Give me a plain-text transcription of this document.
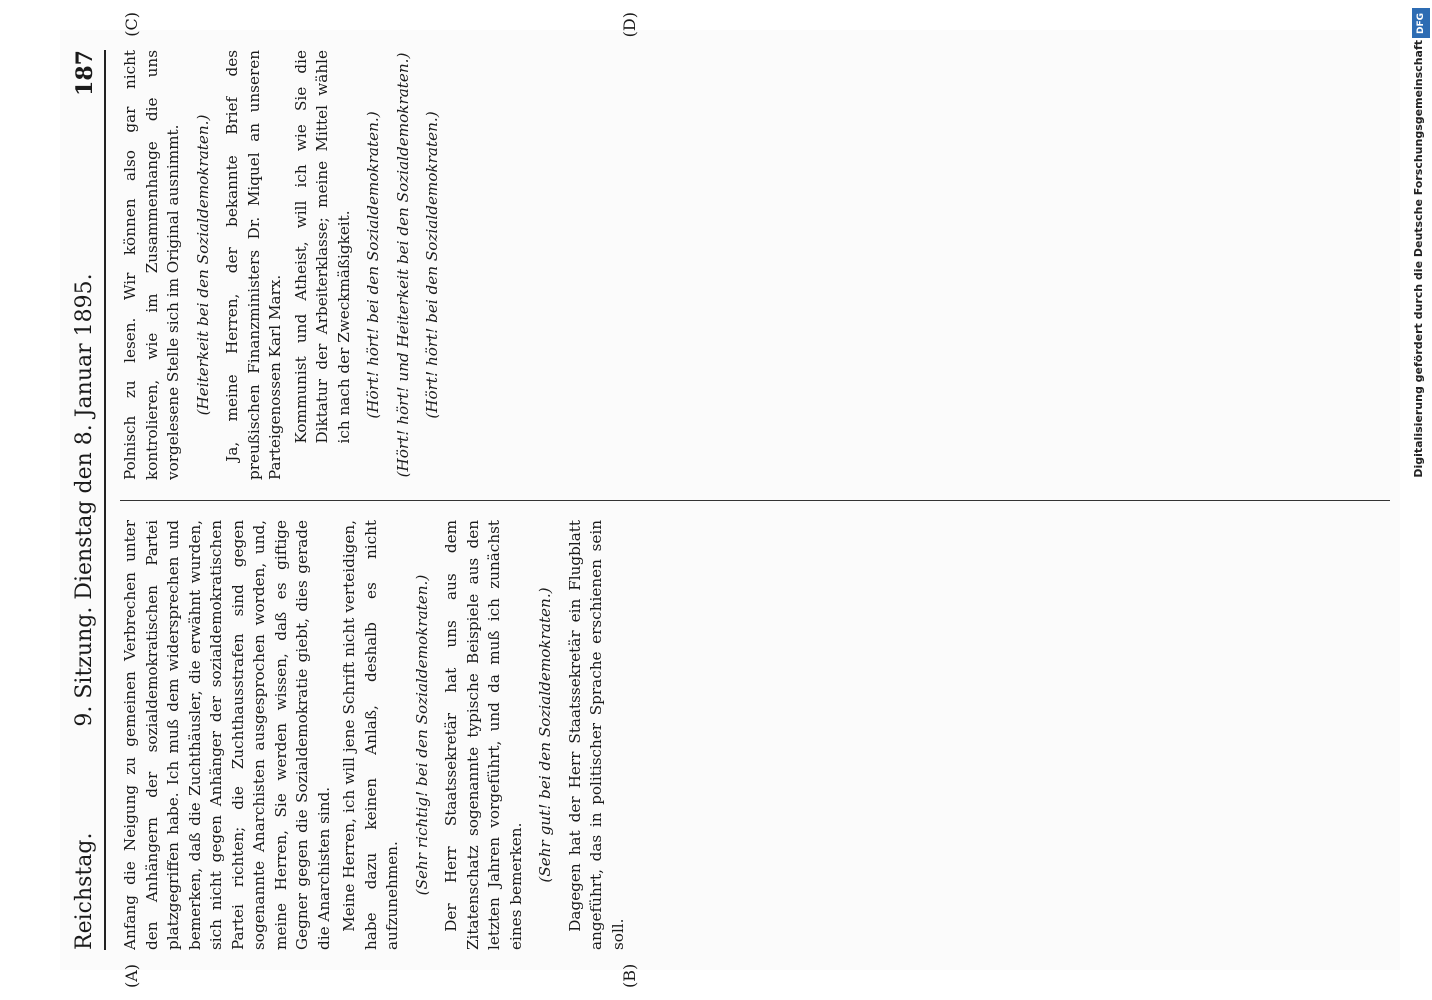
Reichstag.
9. Sitzung. Dienstag den 8. Januar 1895.
187

Anfang die Neigung zu gemeinen Verbrechen unter den Anhängern der sozialdemokratischen Partei platzgegriffen habe. Ich muß dem widersprechen und bemerken, daß die Zuchthäusler, die erwähnt wurden, sich nicht gegen Anhänger der sozialdemokratischen Partei richten; die Zuchthausstrafen sind gegen sogenannte Anarchisten ausgesprochen worden, und, meine Herren, Sie werden wissen, daß es giftige Gegner gegen die Sozialdemokratie giebt, dies gerade die Anarchisten sind. Meine Herren, ich will jene Schrift nicht verteidigen, habe dazu keinen Anlaß, deshalb es nicht aufzunehmen.

(Sehr richtig! bei den Sozialdemokraten.) Der Herr Staatssekretär hat uns aus dem Zitatenschatz sogenannte typische Beispiele aus den letzten Jahren vorgeführt, und da muß ich zunächst eines bemerken.

(Sehr gut! bei den Sozialdemokraten.) Dagegen hat der Herr Staatssekretär ein Flugblatt angeführt, das in politischer Sprache erschienen sein soll.

Polnisch zu lesen. Wir können also gar nicht kontrolieren, wie im Zusammenhange die uns vorgelesene Stelle sich im Original ausnimmt. (Heiterkeit bei den Sozialdemokraten.) Ja, meine Herren, der bekannte Brief des preußischen Finanzministers Dr. Miquel an unseren Parteigenossen Karl Marx. Kommunist und Atheist, will ich wie Sie die Diktatur der Arbeiterklasse; meine Mittel wähle ich nach der Zweckmäßigkeit. (Hört! hört! bei den Sozialdemokraten.) (Hört! hört! und Heiterkeit bei den Sozialdemokraten.) (Hört! hört! bei den Sozialdemokraten.)

(A)	(B)
(C)	(D)	DFG
Digitalisierung gefördert durch die Deutsche Forschungsgemeinschaft
